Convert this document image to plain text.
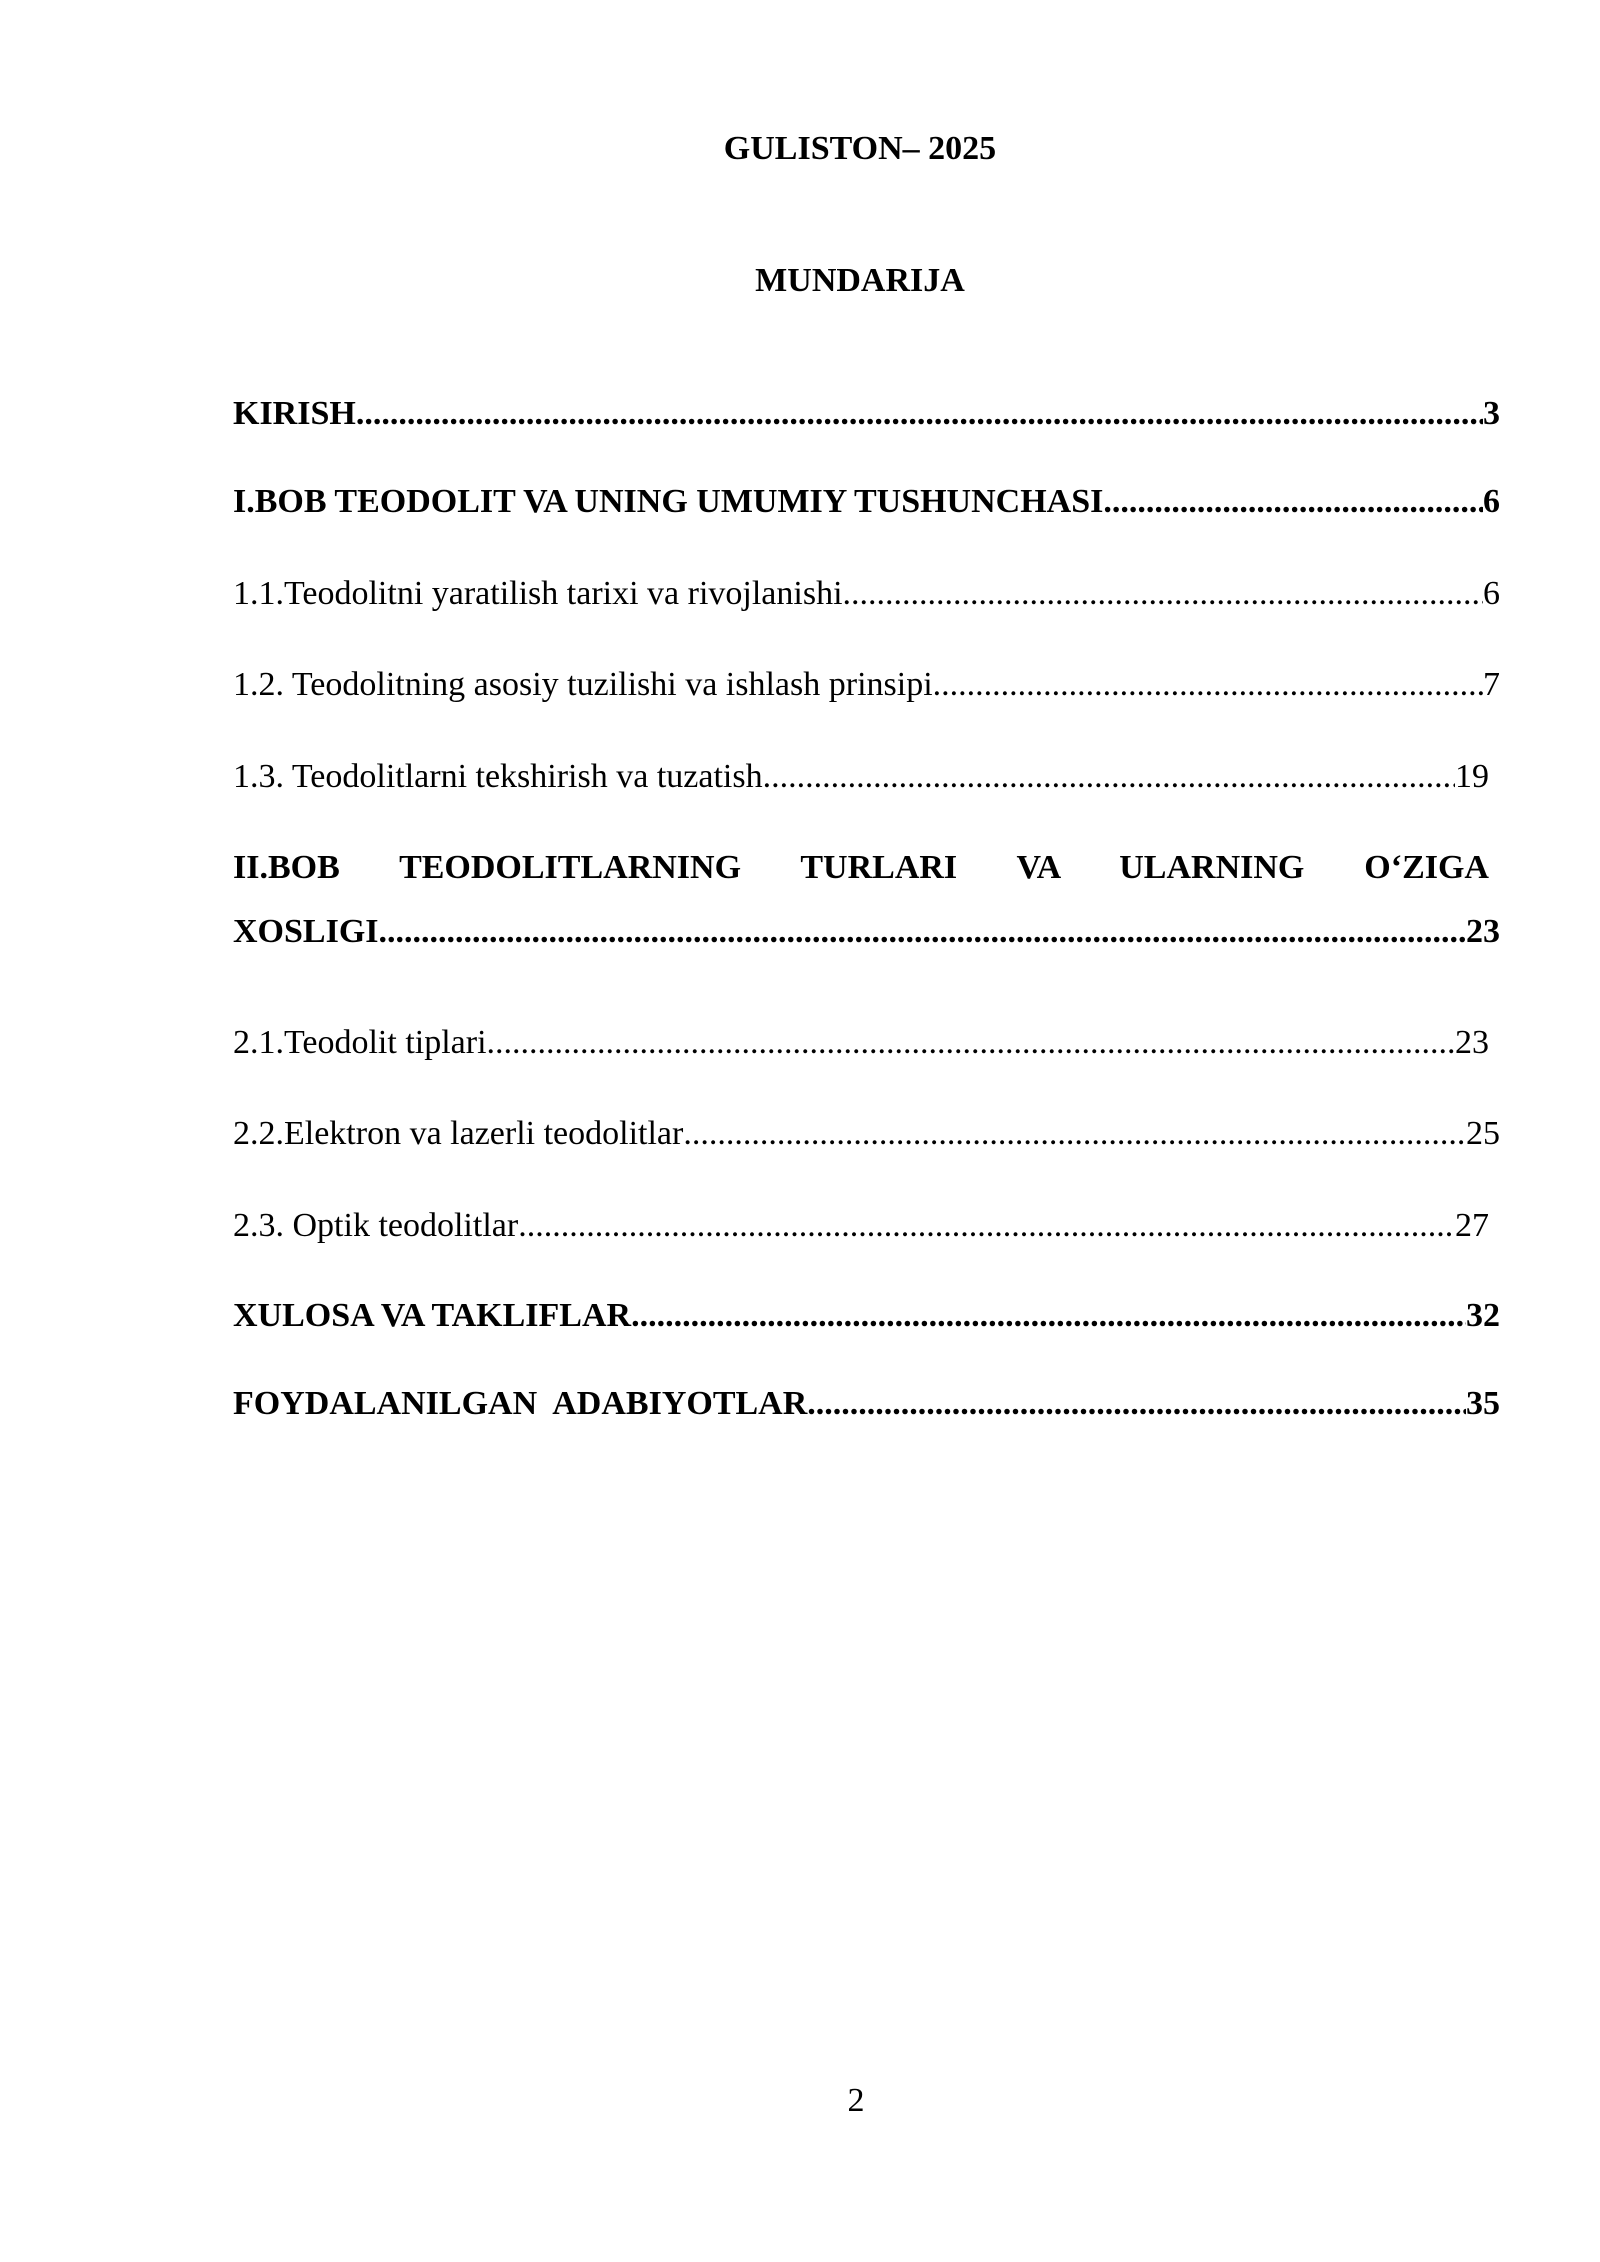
GULISTON– 2025
MUNDARIJA
KIRISH .....	3
I.BOB TEODOLIT VA UNING UMUMIY TUSHUNCHASI .....	6
1.1.Teodolitni yaratilish tarixi va rivojlanishi .....	6
1.2. Teodolitning asosiy tuzilishi va ishlash prinsipi .....	7
1.3. Teodolitlarni tekshirish va tuzatish .....	19
II.BOB TEODOLITLARNING TURLARI VA ULARNING O‘ZIGA
XOSLIGI .....	23
2.1.Teodolit tiplari .....	23
2.2.Elektron va lazerli teodolitlar .....	25
2.3. Optik teodolitlar .....	27
XULOSA VA TAKLIFLAR .....	32
FOYDALANILGAN  ADABIYOTLAR .....	35
2
